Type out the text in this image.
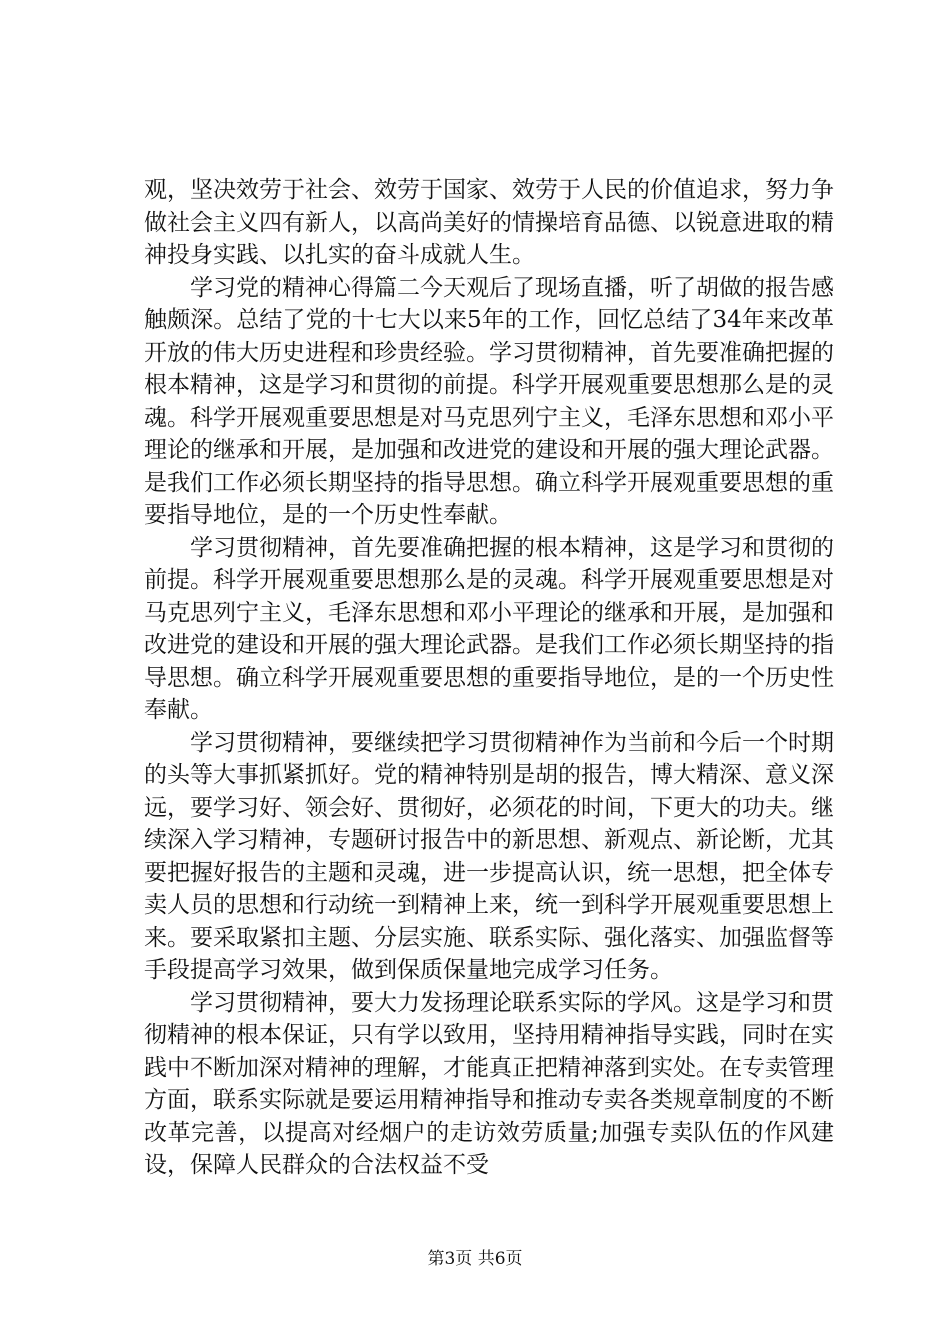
观，坚决效劳于社会、效劳于国家、效劳于人民的价值追求，努力争做社会主义四有新人，以高尚美好的情操培育品德、以锐意进取的精神投身实践、以扎实的奋斗成就人生。

学习党的精神心得篇二今天观后了现场直播，听了胡做的报告感触颇深。总结了党的十七大以来5年的工作，回忆总结了34年来改革开放的伟大历史进程和珍贵经验。学习贯彻精神，首先要准确把握的根本精神，这是学习和贯彻的前提。科学开展观重要思想那么是的灵魂。科学开展观重要思想是对马克思列宁主义，毛泽东思想和邓小平理论的继承和开展，是加强和改进党的建设和开展的强大理论武器。是我们工作必须长期坚持的指导思想。确立科学开展观重要思想的重要指导地位，是的一个历史性奉献。

学习贯彻精神，首先要准确把握的根本精神，这是学习和贯彻的前提。科学开展观重要思想那么是的灵魂。科学开展观重要思想是对马克思列宁主义，毛泽东思想和邓小平理论的继承和开展，是加强和改进党的建设和开展的强大理论武器。是我们工作必须长期坚持的指导思想。确立科学开展观重要思想的重要指导地位，是的一个历史性奉献。

学习贯彻精神，要继续把学习贯彻精神作为当前和今后一个时期的头等大事抓紧抓好。党的精神特别是胡的报告，博大精深、意义深远，要学习好、领会好、贯彻好，必须花的时间，下更大的功夫。继续深入学习精神，专题研讨报告中的新思想、新观点、新论断，尤其要把握好报告的主题和灵魂，进一步提高认识，统一思想，把全体专卖人员的思想和行动统一到精神上来，统一到科学开展观重要思想上来。要采取紧扣主题、分层实施、联系实际、强化落实、加强监督等手段提高学习效果，做到保质保量地完成学习任务。

学习贯彻精神，要大力发扬理论联系实际的学风。这是学习和贯彻精神的根本保证，只有学以致用，坚持用精神指导实践，同时在实践中不断加深对精神的理解，才能真正把精神落到实处。在专卖管理方面，联系实际就是要运用精神指导和推动专卖各类规章制度的不断改革完善，以提高对经烟户的走访效劳质量;加强专卖队伍的作风建设，保障人民群众的合法权益不受

第3页 共6页
